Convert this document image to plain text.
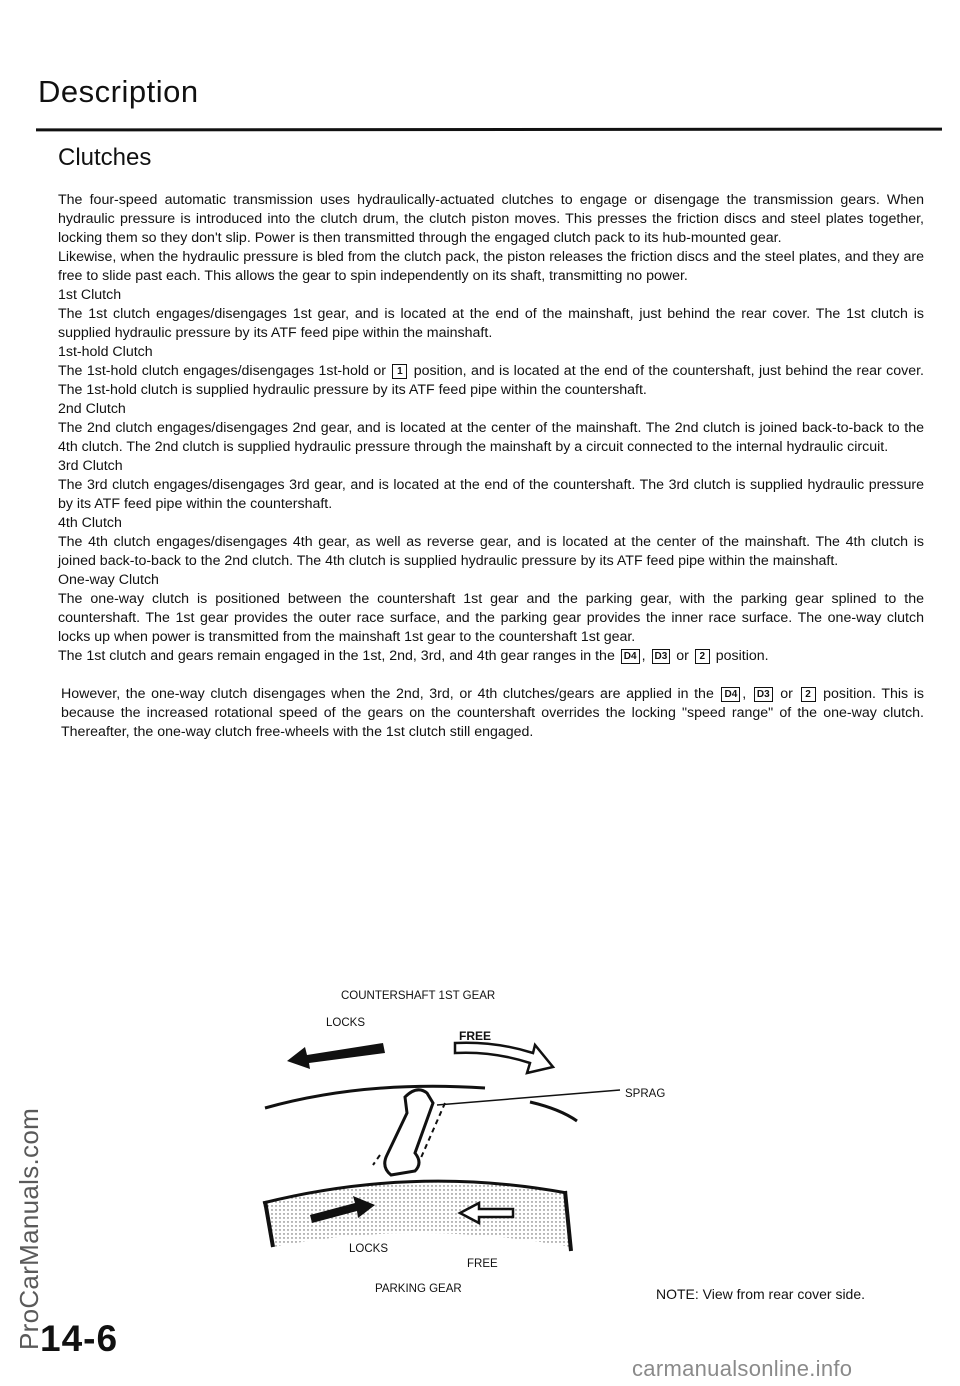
Description
Clutches

The four-speed automatic transmission uses hydraulically-actuated clutches to engage or disengage the transmission gears. When hydraulic pressure is introduced into the clutch drum, the clutch piston moves. This presses the friction discs and steel plates together, locking them so they don't slip. Power is then transmitted through the engaged clutch pack to its hub-mounted gear.

Likewise, when the hydraulic pressure is bled from the clutch pack, the piston releases the friction discs and the steel plates, and they are free to slide past each. This allows the gear to spin independently on its shaft, transmitting no power.

1st Clutch

The 1st clutch engages/disengages 1st gear, and is located at the end of the mainshaft, just behind the rear cover. The 1st clutch is supplied hydraulic pressure by its ATF feed pipe within the mainshaft.

1st-hold Clutch

The 1st-hold clutch engages/disengages 1st-hold or 1 position, and is located at the end of the countershaft, just behind the rear cover. The 1st-hold clutch is supplied hydraulic pressure by its ATF feed pipe within the countershaft.

2nd Clutch

The 2nd clutch engages/disengages 2nd gear, and is located at the center of the mainshaft. The 2nd clutch is joined back-to-back to the 4th clutch. The 2nd clutch is supplied hydraulic pressure through the mainshaft by a circuit connected to the internal hydraulic circuit.

3rd Clutch

The 3rd clutch engages/disengages 3rd gear, and is located at the end of the countershaft. The 3rd clutch is supplied hydraulic pressure by its ATF feed pipe within the countershaft.

4th Clutch

The 4th clutch engages/disengages 4th gear, as well as reverse gear, and is located at the center of the mainshaft. The 4th clutch is joined back-to-back to the 2nd clutch. The 4th clutch is supplied hydraulic pressure by its ATF feed pipe within the mainshaft.

One-way Clutch

The one-way clutch is positioned between the countershaft 1st gear and the parking gear, with the parking gear splined to the countershaft. The 1st gear provides the outer race surface, and the parking gear provides the inner race surface. The one-way clutch locks up when power is transmitted from the mainshaft 1st gear to the countershaft 1st gear.

The 1st clutch and gears remain engaged in the 1st, 2nd, 3rd, and 4th gear ranges in the D4 , D3 or 2 position.

However, the one-way clutch disengages when the 2nd, 3rd, or 4th clutches/gears are applied in the D4 , D3 or 2 position. This is because the increased rotational speed of the gears on the countershaft overrides the locking "speed range" of the one-way clutch. Thereafter, the one-way clutch free-wheels with the 1st clutch still engaged.

COUNTERSHAFT 1ST GEAR
LOCKS
FREE
SPRAG
LOCKS
FREE
PARKING GEAR	NOTE: View from rear cover side.
14-6
ProCarManuals.com
carmanualsonline.info
